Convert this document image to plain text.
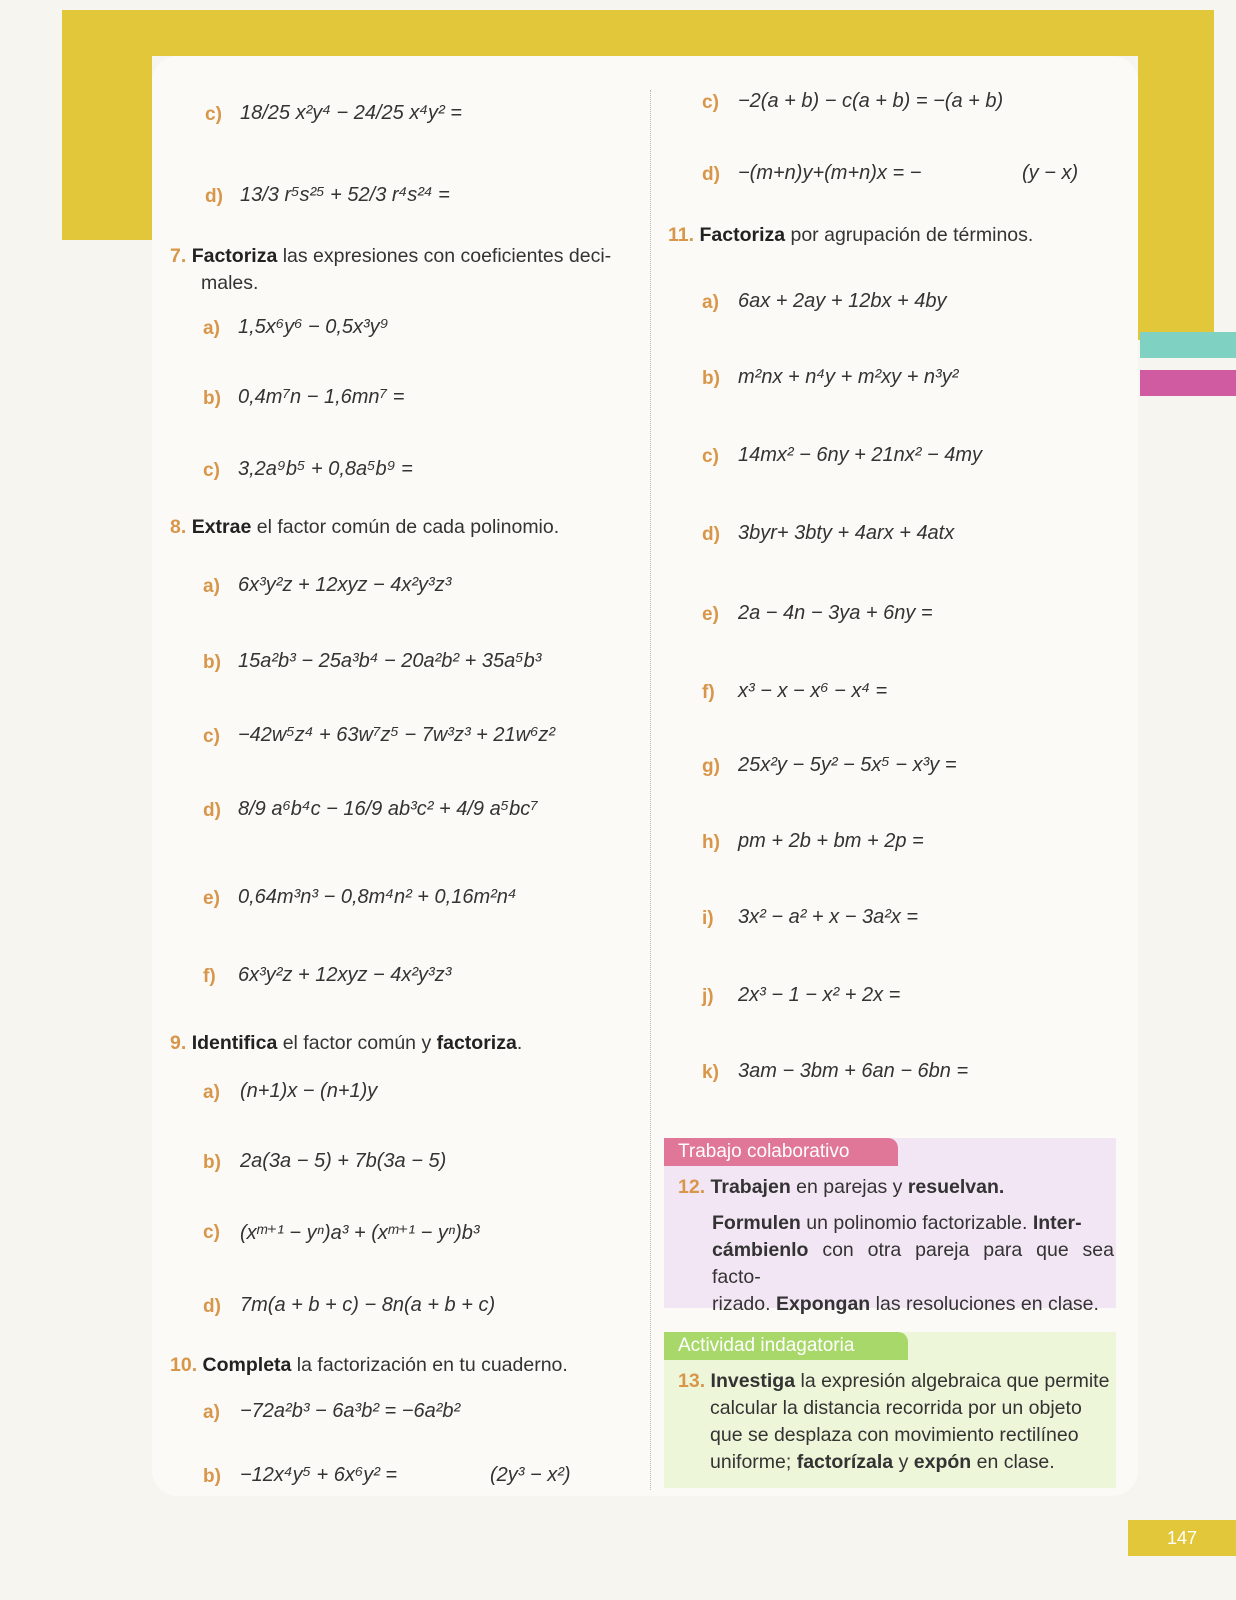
c) 18/25 x²y⁴ − 24/25 x⁴y² =
d) 13/3 r⁵s²⁵ + 52/3 r⁴s²⁴ =
7. Factoriza las expresiones con coeficientes deci-
males.
a) 1,5x⁶y⁶ − 0,5x³y⁹
b) 0,4m⁷n − 1,6mn⁷ =
c) 3,2a⁹b⁵ + 0,8a⁵b⁹ =
8. Extrae el factor común de cada polinomio.
a) 6x³y²z + 12xyz − 4x²y³z³
b) 15a²b³ − 25a³b⁴ − 20a²b² + 35a⁵b³
c) −42w⁵z⁴ + 63w⁷z⁵ − 7w³z³ + 21w⁶z²
d) 8/9 a⁶b⁴c − 16/9 ab³c² + 4/9 a⁵bc⁷
e) 0,64m³n³ − 0,8m⁴n² + 0,16m²n⁴
f) 6x³y²z + 12xyz − 4x²y³z³
9. Identifica el factor común y factoriza.
a) (n+1)x − (n+1)y
b) 2a(3a − 5) + 7b(3a − 5)
c) (xᵐ⁺¹ − yⁿ)a³ + (xᵐ⁺¹ − yⁿ)b³
d) 7m(a + b + c) − 8n(a + b + c)
10. Completa la factorización en tu cuaderno.
a) −72a²b³ − 6a³b² = −6a²b²
b) −12x⁴y⁵ + 6x⁶y² =	(2y³ − x²)
c) −2(a + b) − c(a + b) = −(a + b)
d) −(m+n)y+(m+n)x = −	(y − x)
11. Factoriza por agrupación de términos.
a) 6ax + 2ay + 12bx + 4by
b) m²nx + n⁴y + m²xy + n³y²
c) 14mx² − 6ny + 21nx² − 4my
d) 3byr+ 3bty + 4arx + 4atx
e) 2a − 4n − 3ya + 6ny =
f) x³ − x − x⁶ − x⁴ =
g) 25x²y − 5y² − 5x⁵ − x³y =
h) pm + 2b + bm + 2p =
i) 3x² − a² + x − 3a²x =
j) 2x³ − 1 − x² + 2x =
k) 3am − 3bm + 6an − 6bn =
Trabajo colaborativo
12. Trabajen en parejas y resuelvan.
Formulen un polinomio factorizable. Inter-
cámbienlo con otra pareja para que sea facto-
rizado. Expongan las resoluciones en clase.
Actividad indagatoria
13. Investiga la expresión algebraica que permite
calcular la distancia recorrida por un objeto
que se desplaza con movimiento rectilíneo
uniforme; factorízala y expón en clase.
147
